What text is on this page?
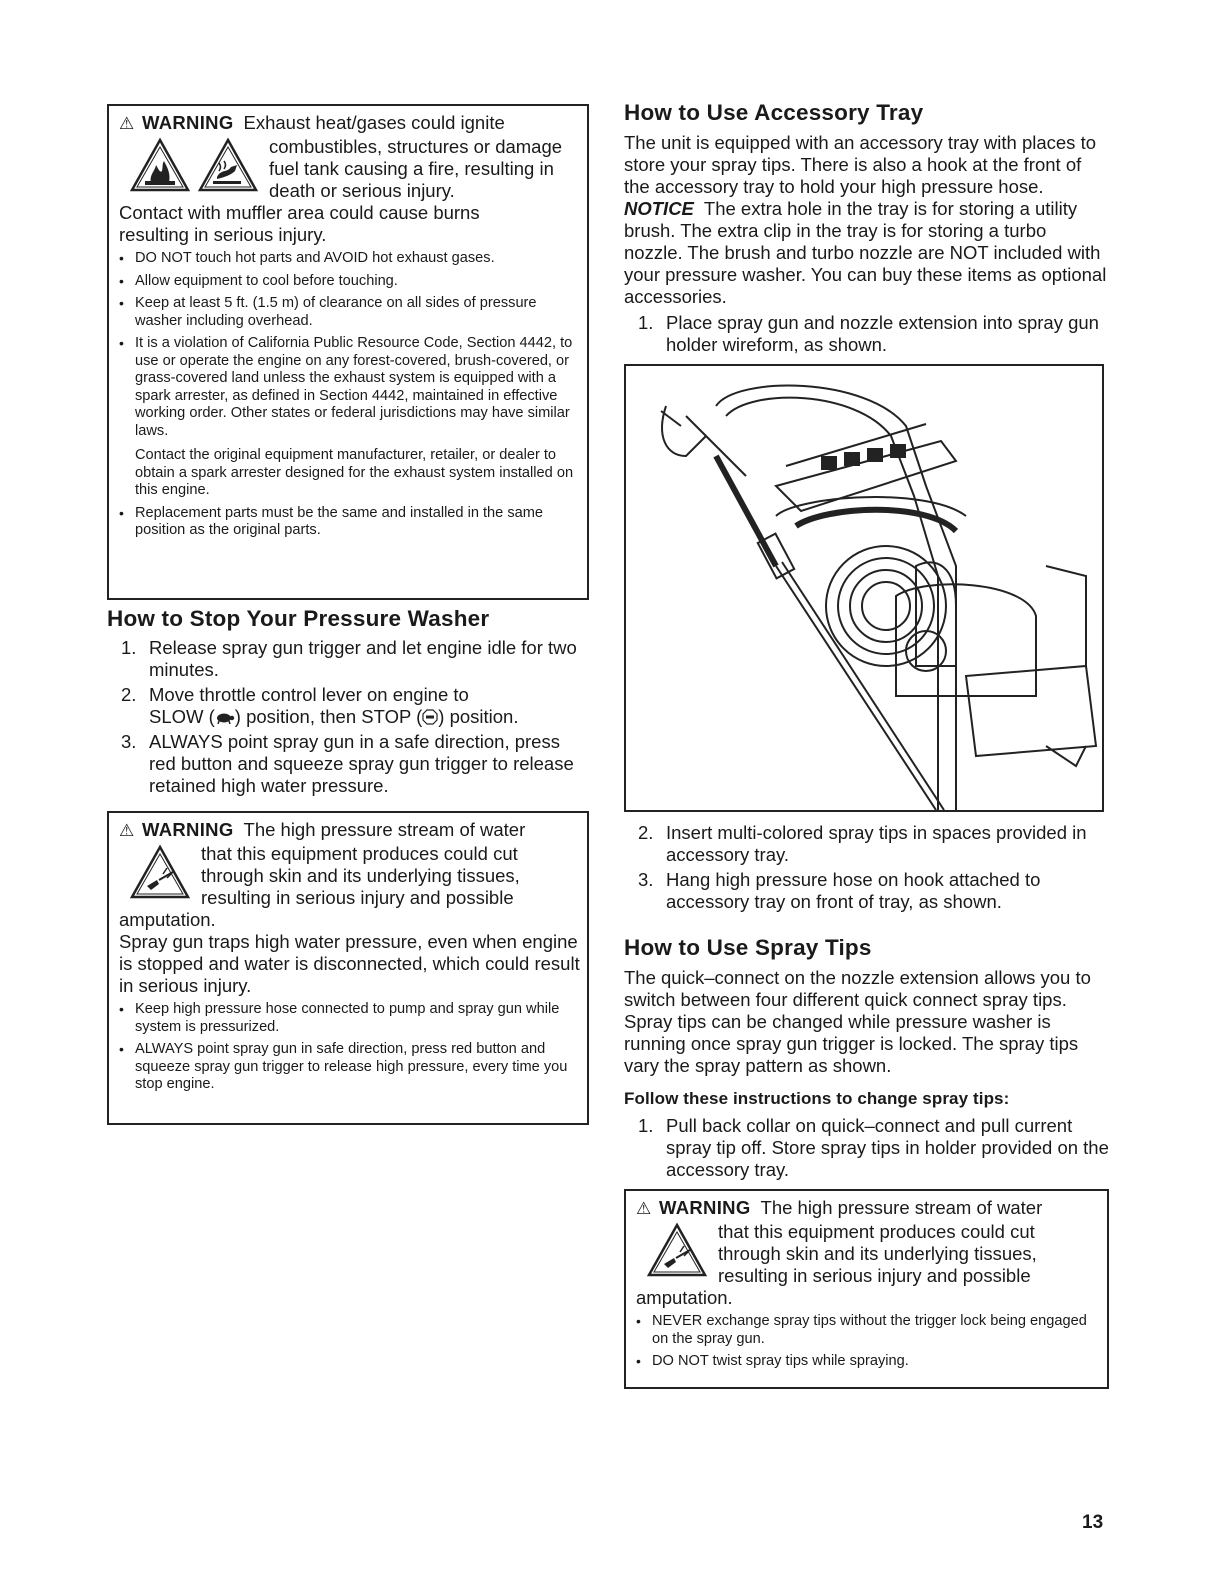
⚠ WARNING Exhaust heat/gases could ignite

combustibles, structures or damage

fuel tank causing a fire, resulting in

death or serious injury.

Contact with muffler area could cause burns resulting in serious injury.

• DO NOT touch hot parts and AVOID hot exhaust gases.
• Allow equipment to cool before touching.
• Keep at least 5 ft. (1.5 m) of clearance on all sides of pressure washer including overhead.
• It is a violation of California Public Resource Code, Section 4442, to use or operate the engine on any forest-covered, brush-covered, or grass-covered land unless the exhaust system is equipped with a spark arrester, as defined in Section 4442, maintained in effective working order. Other states or federal jurisdictions may have similar laws.
Contact the original equipment manufacturer, retailer, or dealer to obtain a spark arrester designed for the exhaust system installed on this engine.
• Replacement parts must be the same and installed in the same position as the original parts.
How to Stop Your Pressure Washer
1. Release spray gun trigger and let engine idle for two minutes.
2. Move throttle control lever on engine to
SLOW ( ) position, then STOP ( ) position.
3. ALWAYS point spray gun in a safe direction, press red button and squeeze spray gun trigger to release retained high water pressure.
⚠ WARNING The high pressure stream of water

that this equipment produces could cut

through skin and its underlying tissues,

resulting in serious injury and possible

amputation.

Spray gun traps high water pressure, even when engine is stopped and water is disconnected, which could result in serious injury.

• Keep high pressure hose connected to pump and spray gun while system is pressurized.
• ALWAYS point spray gun in safe direction, press red button and squeeze spray gun trigger to release high pressure, every time you stop engine.
How to Use Accessory Tray

The unit is equipped with an accessory tray with places to store your spray tips. There is also a hook at the front of the accessory tray to hold your high pressure hose.

NOTICE The extra hole in the tray is for storing a utility brush. The extra clip in the tray is for storing a turbo nozzle. The brush and turbo nozzle are NOT included with your pressure washer. You can buy these items as optional accessories.

1. Place spray gun and nozzle extension into spray gun holder wireform, as shown.
2. Insert multi-colored spray tips in spaces provided in accessory tray.
3. Hang high pressure hose on hook attached to accessory tray on front of tray, as shown.
How to Use Spray Tips

The quick–connect on the nozzle extension allows you to switch between four different quick connect spray tips. Spray tips can be changed while pressure washer is running once spray gun trigger is locked. The spray tips vary the spray pattern as shown.

Follow these instructions to change spray tips:

1. Pull back collar on quick–connect and pull current spray tip off. Store spray tips in holder provided on the accessory tray.
⚠ WARNING The high pressure stream of water

that this equipment produces could cut

through skin and its underlying tissues,

resulting in serious injury and possible

amputation.

• NEVER exchange spray tips without the trigger lock being engaged on the spray gun.
• DO NOT twist spray tips while spraying.
13
